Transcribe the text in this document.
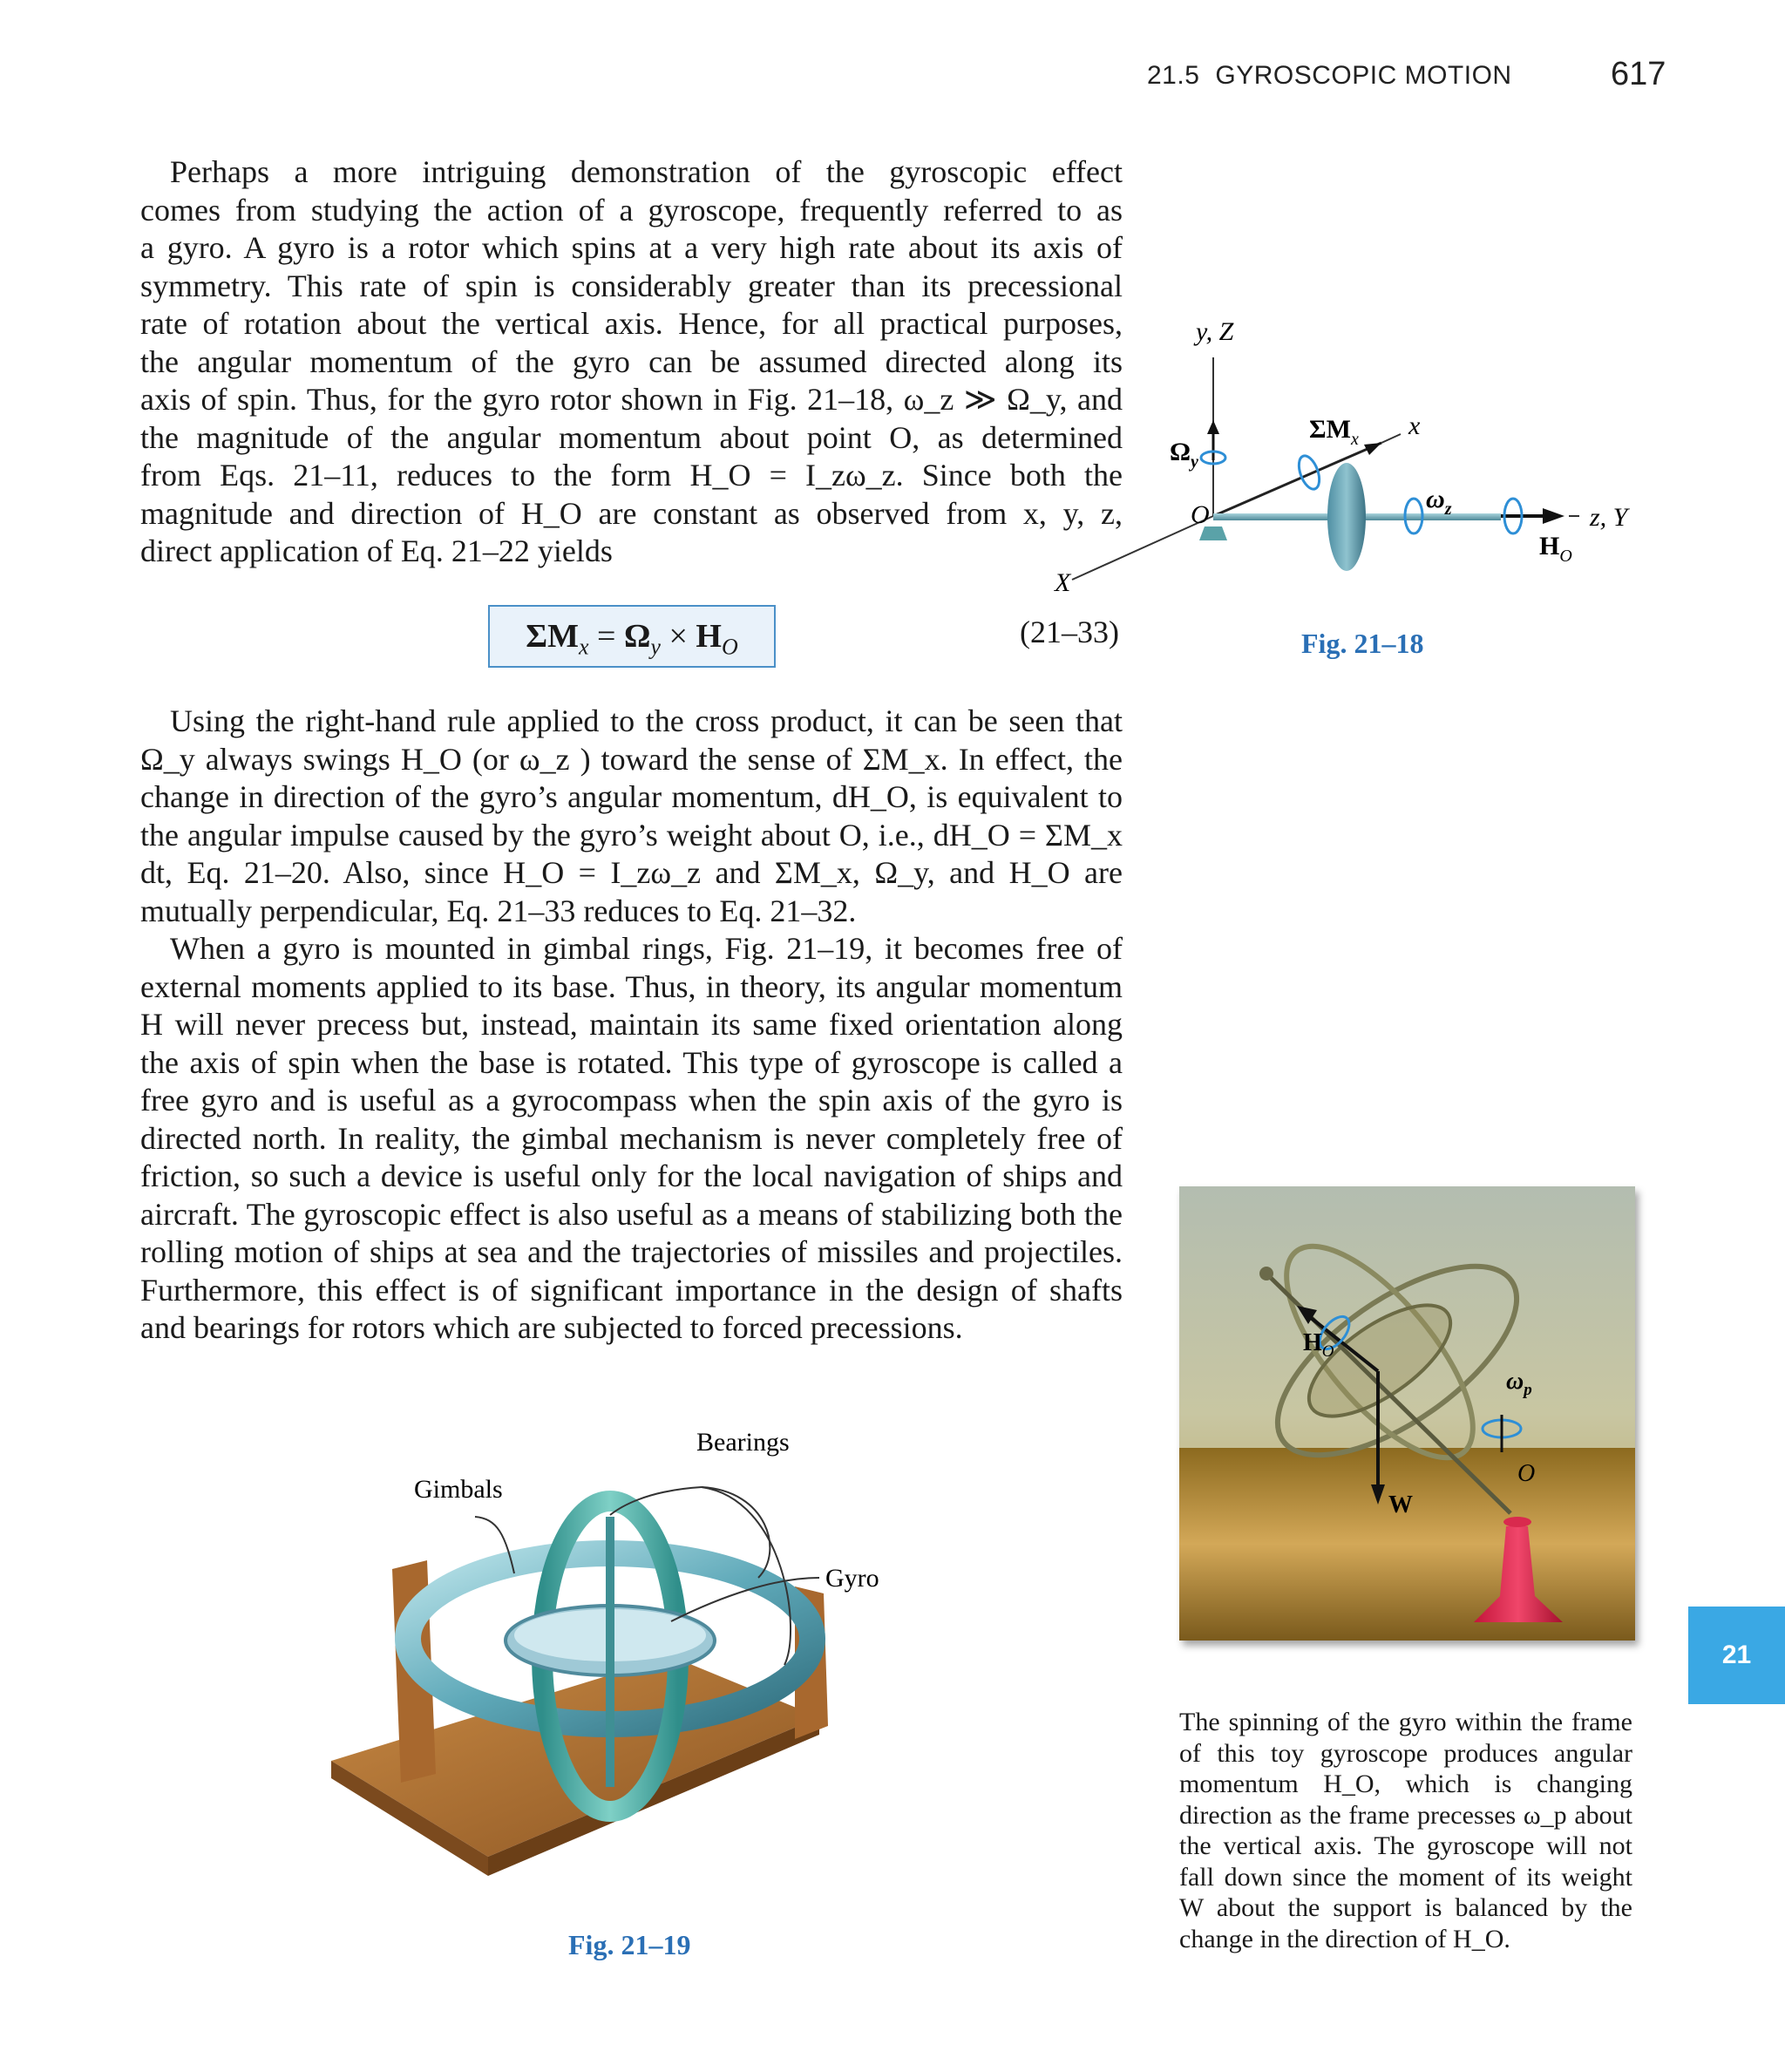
21.5 GYROSCOPIC MOTION	617
Perhaps a more intriguing demonstration of the gyroscopic effect
comes from studying the action of a gyroscope, frequently referred to as
a gyro. A gyro is a rotor which spins at a very high rate about its axis of
symmetry. This rate of spin is considerably greater than its precessional
rate of rotation about the vertical axis. Hence, for all practical purposes,
the angular momentum of the gyro can be assumed directed along its
axis of spin. Thus, for the gyro rotor shown in Fig. 21–18, ω_z ≫ Ω_y, and
the magnitude of the angular momentum about point O, as determined
from Eqs. 21–11, reduces to the form H_O = I_zω_z. Since both the
magnitude and direction of H_O are constant as observed from x, y, z,
direct application of Eq. 21–22 yields
$\Sigma M_x = \Omega_y \times H_O$	(21–33)

Using the right-hand rule applied to the cross product, it can be seen that Ω_y always swings H_O (or ω_z ) toward the sense of ΣM_x. In effect, the change in direction of the gyro’s angular momentum, dH_O, is equivalent to the angular impulse caused by the gyro’s weight about O, i.e., dH_O = ΣM_x dt, Eq. 21–20. Also, since H_O = I_zω_z and ΣM_x, Ω_y, and H_O are mutually perpendicular, Eq. 21–33 reduces to Eq. 21–32.

When a gyro is mounted in gimbal rings, Fig. 21–19, it becomes free of external moments applied to its base. Thus, in theory, its angular momentum H will never precess but, instead, maintain its same fixed orientation along the axis of spin when the base is rotated. This type of gyroscope is called a free gyro and is useful as a gyrocompass when the spin axis of the gyro is directed north. In reality, the gimbal mechanism is never completely free of friction, so such a device is useful only for the local navigation of ships and aircraft. The gyroscopic effect is also useful as a means of stabilizing both the rolling motion of ships at sea and the trajectories of missiles and projectiles. Furthermore, this effect is of significant importance in the design of shafts and bearings for rotors which are subjected to forced precessions.

y, Z
x
X
z, Y
$\Omega_y$
$\Sigma M_x$
$\omega_z$
O
$H_O$
Fig. 21–18
Bearings
Gimbals
Gyro
Fig. 21–19
$H_O$
$\omega_p$
O
W
21
The spinning of the gyro within the frame of this toy gyroscope produces angular momentum H_O, which is changing direction as the frame precesses ω_p about the vertical axis. The gyroscope will not fall down since the moment of its weight W about the support is balanced by the change in the direction of H_O.
